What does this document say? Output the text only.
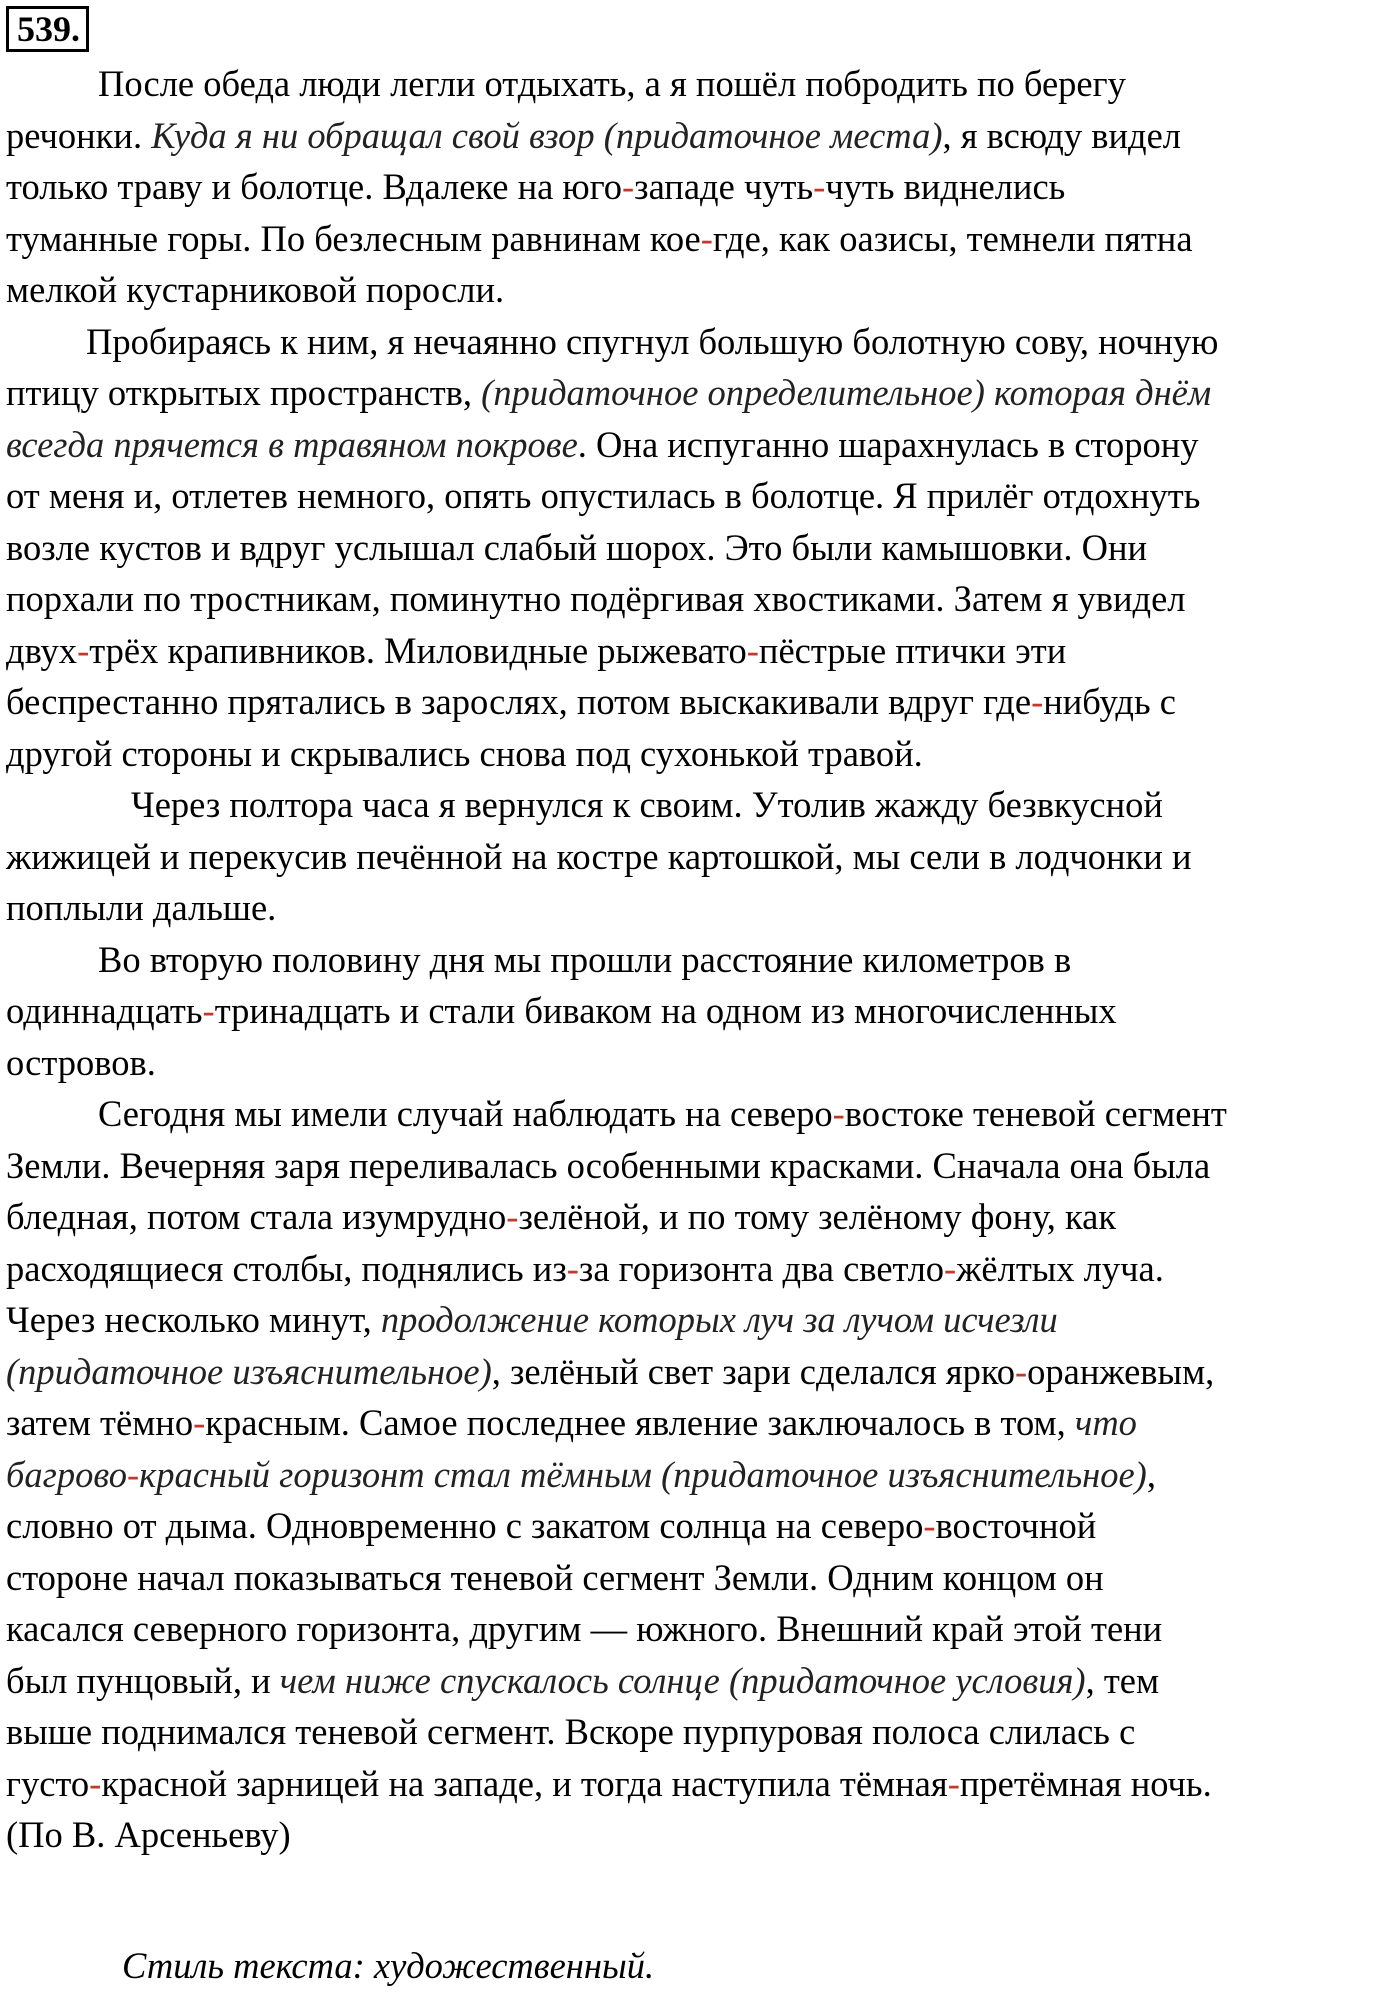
539.
После обеда люди легли отдыхать, а я пошёл побродить по берегу
речонки. Куда я ни обращал свой взор (придаточное места), я всюду видел
только траву и болотце. Вдалеке на юго-западе чуть-чуть виднелись
туманные горы. По безлесным равнинам кое-где, как оазисы, темнели пятна
мелкой кустарниковой поросли.
Пробираясь к ним, я нечаянно спугнул большую болотную сову, ночную
птицу открытых пространств, (придаточное определительное) которая днём
всегда прячется в травяном покрове. Она испуганно шарахнулась в сторону
от меня и, отлетев немного, опять опустилась в болотце. Я прилёг отдохнуть
возле кустов и вдруг услышал слабый шорох. Это были камышовки. Они
порхали по тростникам, поминутно подёргивая хвостиками. Затем я увидел
двух-трёх крапивников. Миловидные рыжевато-пёстрые птички эти
беспрестанно прятались в зарослях, потом выскакивали вдруг где-нибудь с
другой стороны и скрывались снова под сухонькой травой.
Через полтора часа я вернулся к своим. Утолив жажду безвкусной
жижицей и перекусив печённой на костре картошкой, мы сели в лодчонки и
поплыли дальше.
Во вторую половину дня мы прошли расстояние километров в
одиннадцать-тринадцать и стали биваком на одном из многочисленных
островов.
Сегодня мы имели случай наблюдать на северо-востоке теневой сегмент
Земли. Вечерняя заря переливалась особенными красками. Сначала она была
бледная, потом стала изумрудно-зелёной, и по тому зелёному фону, как
расходящиеся столбы, поднялись из-за горизонта два светло-жёлтых луча.
Через несколько минут, продолжение которых луч за лучом исчезли
(придаточное изъяснительное), зелёный свет зари сделался ярко-оранжевым,
затем тёмно-красным. Самое последнее явление заключалось в том, что
багрово-красный горизонт стал тёмным (придаточное изъяснительное),
словно от дыма. Одновременно с закатом солнца на северо-восточной
стороне начал показываться теневой сегмент Земли. Одним концом он
касался северного горизонта, другим — южного. Внешний край этой тени
был пунцовый, и чем ниже спускалось солнце (придаточное условия), тем
выше поднимался теневой сегмент. Вскоре пурпуровая полоса слилась с
густо-красной зарницей на западе, и тогда наступила тёмная-претёмная ночь.
(По В. Арсеньеву)
Стиль текста: художественный.
